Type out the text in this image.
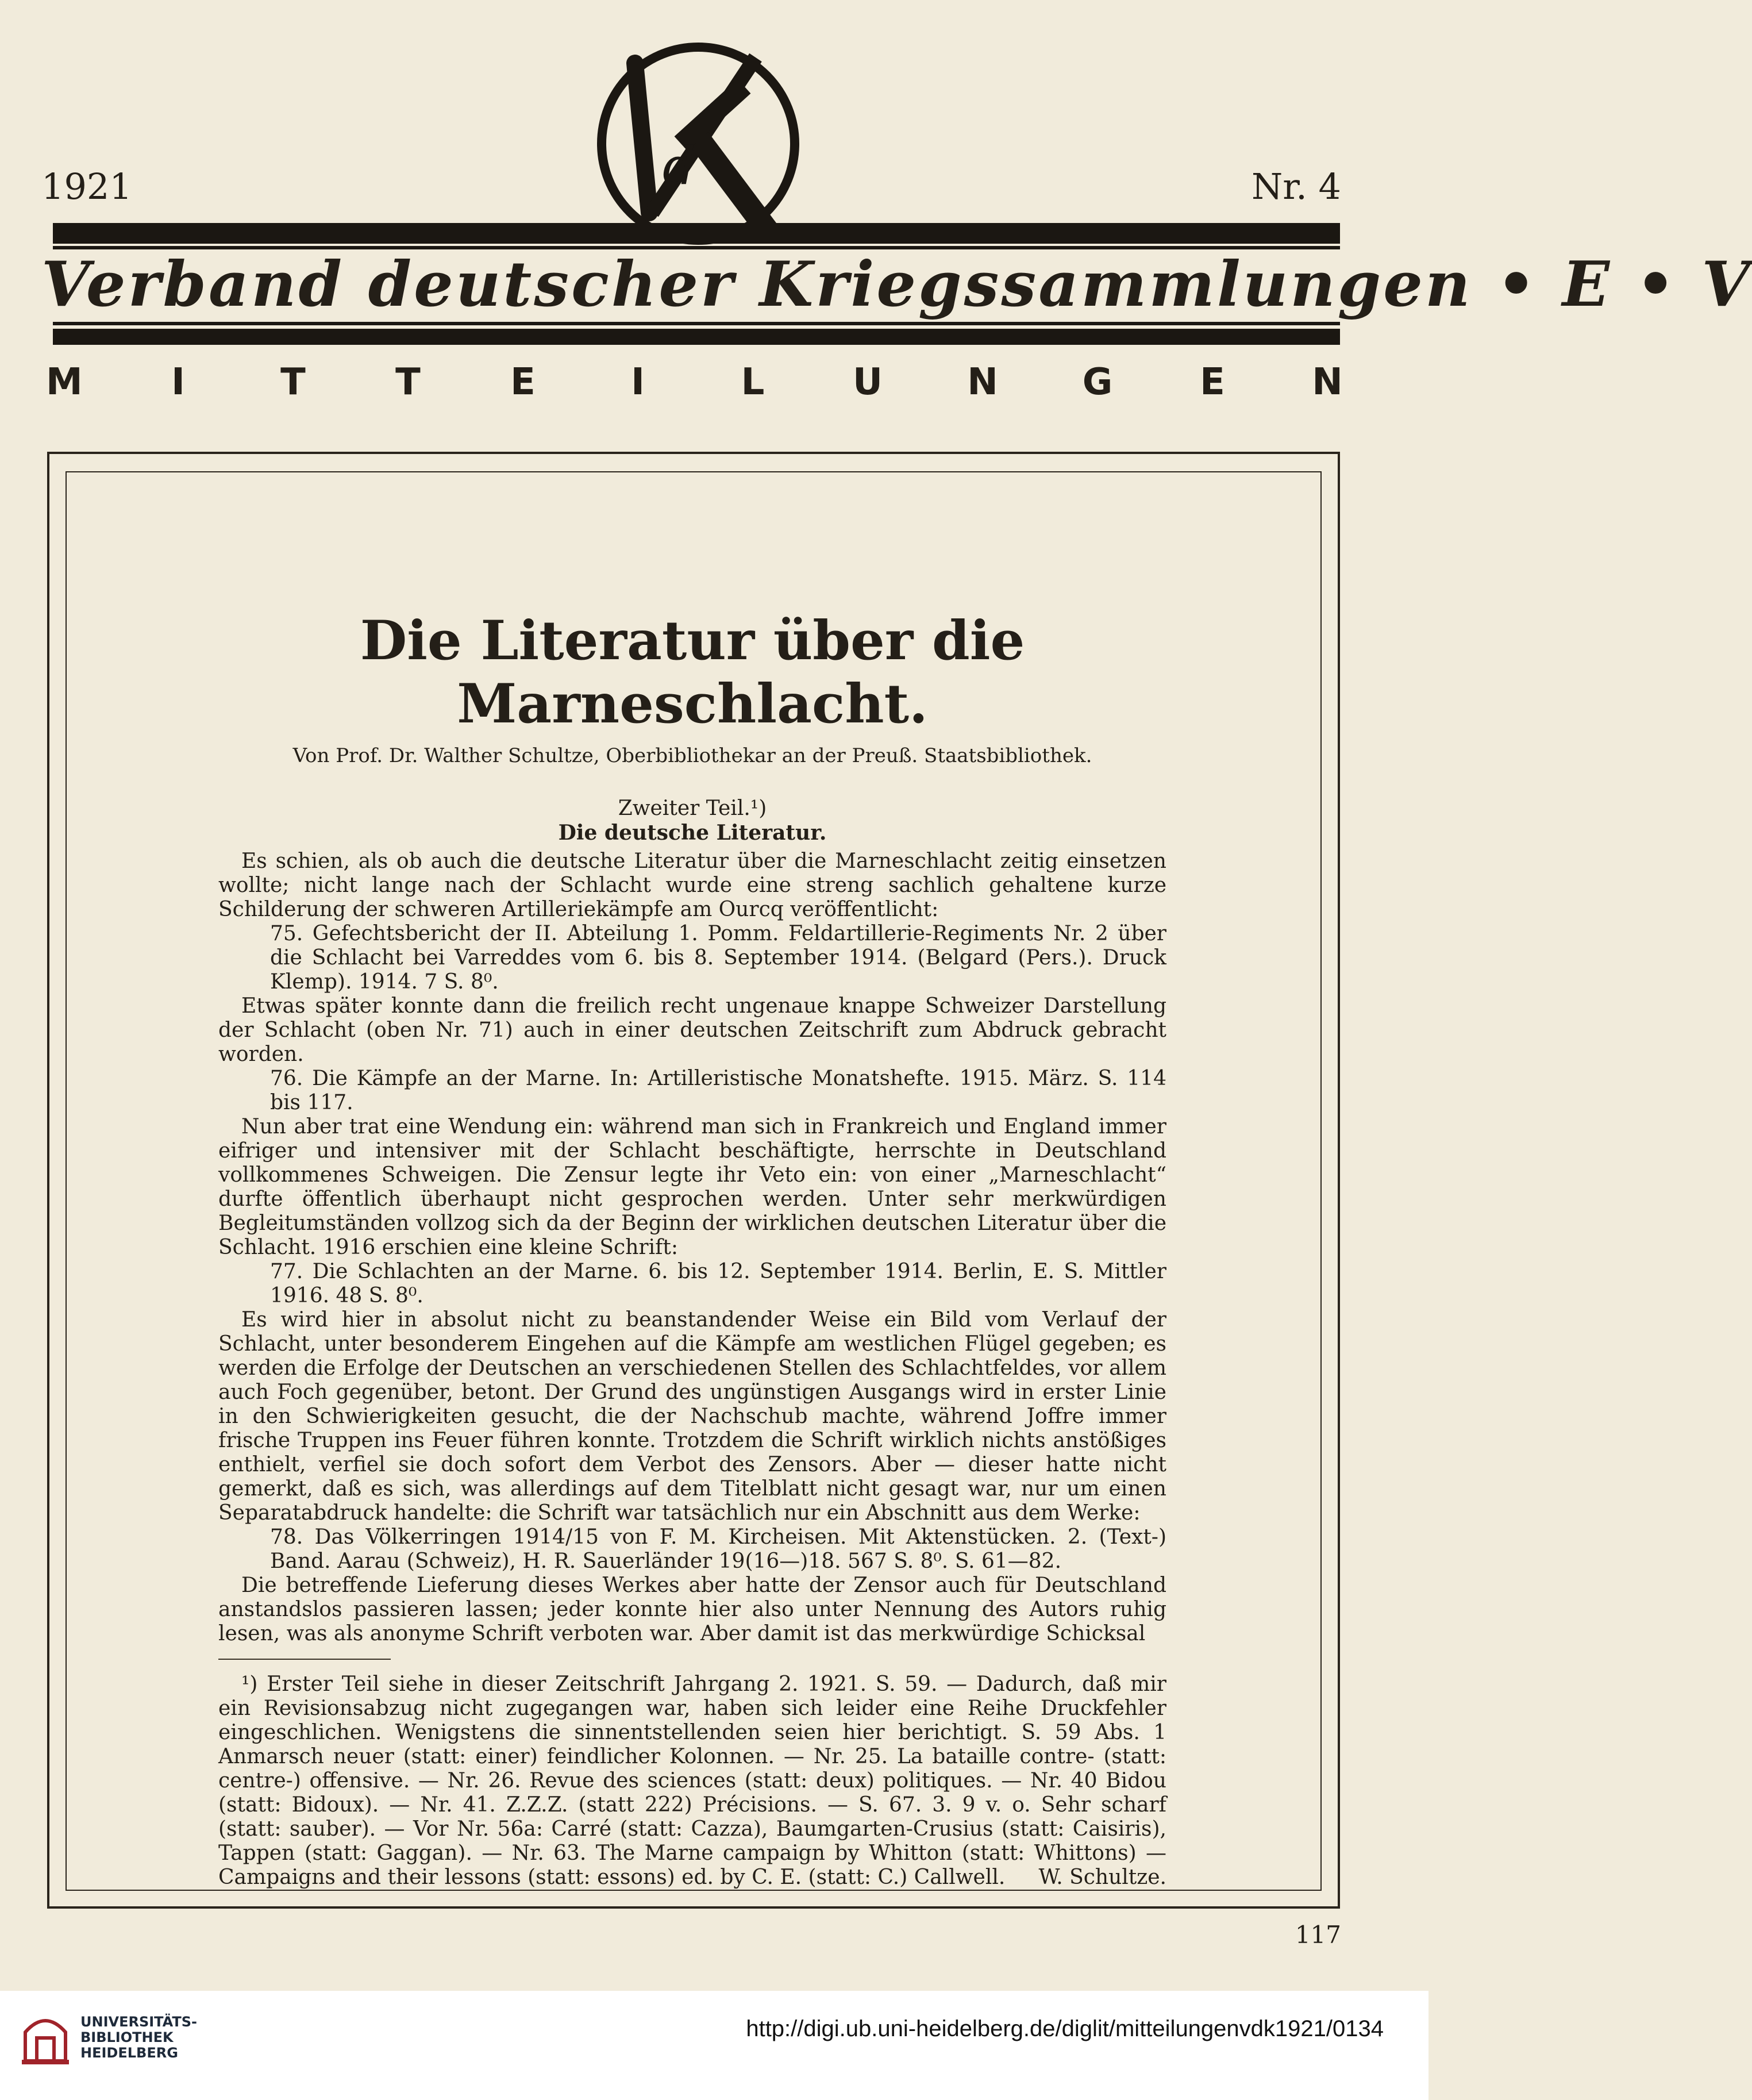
1921	d	Nr. 4
Verband deutscher Kriegssammlungen • E • V
M I	T T E	I	L U N G E N
Die Literatur über die Marneschlacht.
Von Prof. Dr. Walther Schultze, Oberbibliothekar an der Preuß. Staatsbibliothek.
Zweiter Teil.¹)
Die deutsche Literatur.

Es schien, als ob auch die deutsche Literatur über die Marneschlacht zeitig einsetzen wollte; nicht lange nach der Schlacht wurde eine streng sachlich gehaltene kurze Schilderung der schweren Artilleriekämpfe am Ourcq veröffentlicht:

75. Gefechtsbericht der II. Abteilung 1. Pomm. Feldartillerie-Regiments Nr. 2 über die Schlacht bei Varreddes vom 6. bis 8. September 1914. (Belgard (Pers.). Druck Klemp). 1914. 7 S. 8⁰.

Etwas später konnte dann die freilich recht ungenaue knappe Schweizer Darstellung der Schlacht (oben Nr. 71) auch in einer deutschen Zeitschrift zum Abdruck gebracht worden.

76. Die Kämpfe an der Marne. In: Artilleristische Monatshefte. 1915. März. S. 114 bis 117.

Nun aber trat eine Wendung ein: während man sich in Frankreich und England immer eifriger und intensiver mit der Schlacht beschäftigte, herrschte in Deutschland vollkommenes Schweigen. Die Zensur legte ihr Veto ein: von einer „Marneschlacht“ durfte öffentlich überhaupt nicht gesprochen werden. Unter sehr merkwürdigen Begleitumständen vollzog sich da der Beginn der wirklichen deutschen Literatur über die Schlacht. 1916 erschien eine kleine Schrift:

77. Die Schlachten an der Marne. 6. bis 12. September 1914. Berlin, E. S. Mittler 1916. 48 S. 8⁰.

Es wird hier in absolut nicht zu beanstandender Weise ein Bild vom Verlauf der Schlacht, unter besonderem Eingehen auf die Kämpfe am westlichen Flügel gegeben; es werden die Erfolge der Deutschen an verschiedenen Stellen des Schlachtfeldes, vor allem auch Foch gegenüber, betont. Der Grund des ungünstigen Ausgangs wird in erster Linie in den Schwierigkeiten gesucht, die der Nachschub machte, während Joffre immer frische Truppen ins Feuer führen konnte. Trotzdem die Schrift wirklich nichts anstößiges enthielt, verfiel sie doch sofort dem Verbot des Zensors. Aber — dieser hatte nicht gemerkt, daß es sich, was allerdings auf dem Titelblatt nicht gesagt war, nur um einen Separatabdruck handelte: die Schrift war tatsächlich nur ein Abschnitt aus dem Werke:

78. Das Völkerringen 1914/15 von F. M. Kircheisen. Mit Aktenstücken. 2. (Text-) Band. Aarau (Schweiz), H. R. Sauerländer 19(16—)18. 567 S. 8⁰. S. 61—82.

Die betreffende Lieferung dieses Werkes aber hatte der Zensor auch für Deutschland anstandslos passieren lassen; jeder konnte hier also unter Nennung des Autors ruhig lesen, was als anonyme Schrift verboten war. Aber damit ist das merkwürdige Schicksal

¹) Erster Teil siehe in dieser Zeitschrift Jahrgang 2. 1921. S. 59. — Dadurch, daß mir ein Revisionsabzug nicht zugegangen war, haben sich leider eine Reihe Druckfehler eingeschlichen. Wenigstens die sinnentstellenden seien hier berichtigt. S. 59 Abs. 1 Anmarsch neuer (statt: einer) feindlicher Kolonnen. — Nr. 25. La bataille contre- (statt: centre-) offensive. — Nr. 26. Revue des sciences (statt: deux) politiques. — Nr. 40 Bidou (statt: Bidoux). — Nr. 41. Z.Z.Z. (statt 222) Précisions. — S. 67. 3. 9 v. o. Sehr scharf (statt: sauber). — Vor Nr. 56a: Carré (statt: Cazza), Baumgarten-Crusius (statt: Caisiris), Tappen (statt: Gaggan). — Nr. 63. The Marne campaign by Whitton (statt: Whittons) — Campaigns and their lessons (statt: essons) ed. by C. E. (statt: C.) Callwell.	W. Schultze.

117
UNIVERSITÄTS-
BIBLIOTHEK
HEIDELBERG
http://digi.ub.uni-heidelberg.de/diglit/mitteilungenvdk1921/0134
